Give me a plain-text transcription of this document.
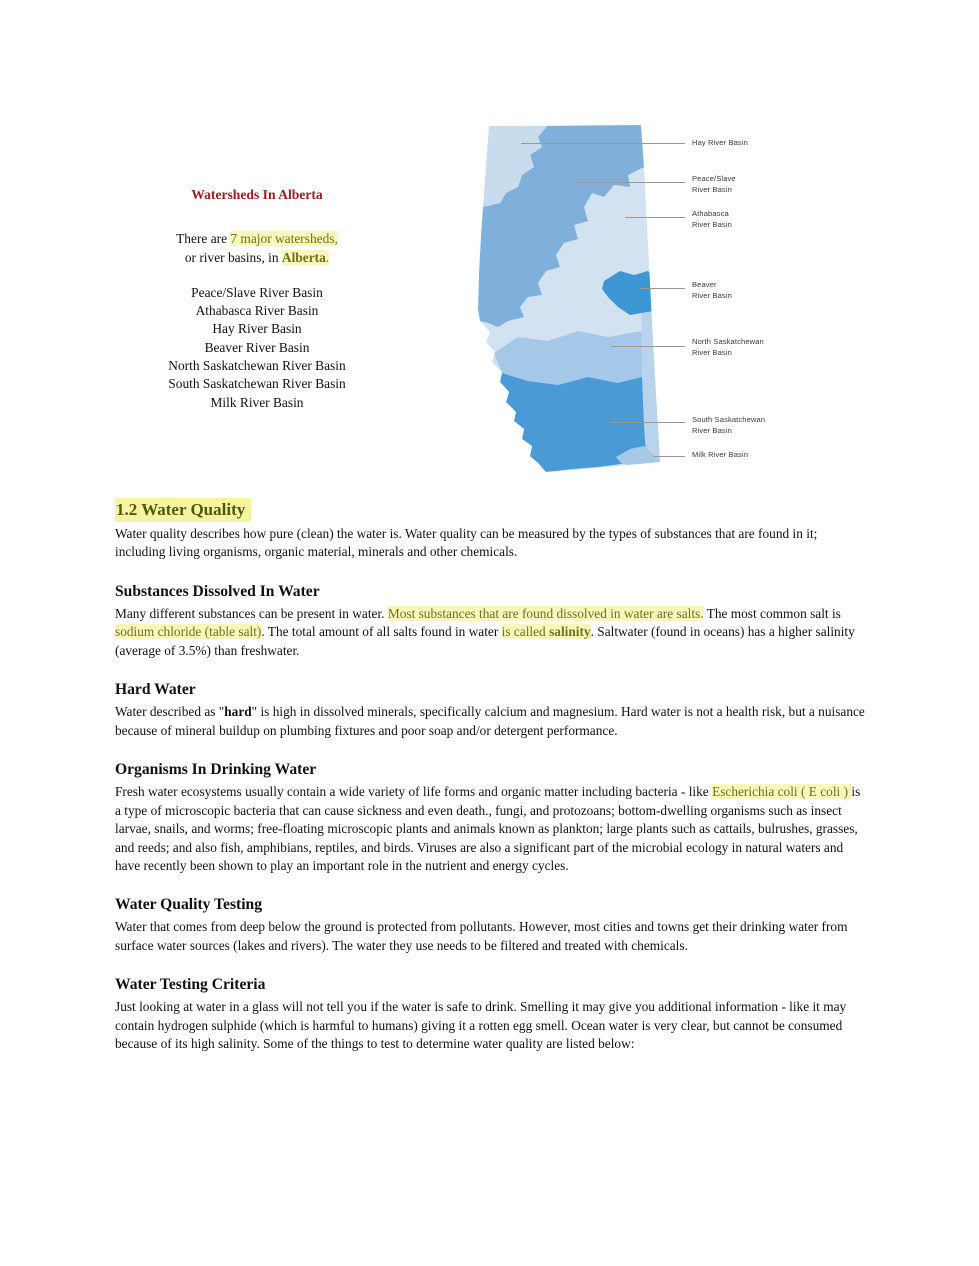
Watersheds In Alberta

There are 7 major watersheds,

or river basins, in Alberta.

Peace/Slave River Basin
Athabasca River Basin
Hay River Basin
Beaver River Basin
North Saskatchewan River Basin
South Saskatchewan River Basin
Milk River Basin
Hay River Basin
Peace/Slave
River Basin
Athabasca
River Basin
Beaver
River Basin
North Saskatchewan
River Basin
South Saskatchewan
River Basin
Milk River Basin
1.2 Water Quality

Water quality describes how pure (clean) the water is. Water quality can be measured by the types of substances that are found in it; including living organisms, organic material, minerals and other chemicals.

Substances Dissolved In Water

Many different substances can be present in water. Most substances that are found dissolved in water are salts. The most common salt is sodium chloride (table salt). The total amount of all salts found in water is called salinity. Saltwater (found in oceans) has a higher salinity (average of 3.5%) than freshwater.

Hard Water

Water described as "hard" is high in dissolved minerals, specifically calcium and magnesium. Hard water is not a health risk, but a nuisance because of mineral buildup on plumbing fixtures and poor soap and/or detergent performance.

Organisms In Drinking Water

Fresh water ecosystems usually contain a wide variety of life forms and organic matter including bacteria - like Escherichia coli ( E coli ) is a type of microscopic bacteria that can cause sickness and even death., fungi, and protozoans; bottom-dwelling organisms such as insect larvae, snails, and worms; free-floating microscopic plants and animals known as plankton; large plants such as cattails, bulrushes, grasses, and reeds; and also fish, amphibians, reptiles, and birds. Viruses are also a significant part of the microbial ecology in natural waters and have recently been shown to play an important role in the nutrient and energy cycles.

Water Quality Testing

Water that comes from deep below the ground is protected from pollutants. However, most cities and towns get their drinking water from surface water sources (lakes and rivers). The water they use needs to be filtered and treated with chemicals.

Water Testing Criteria

Just looking at water in a glass will not tell you if the water is safe to drink. Smelling it may give you additional information - like it may contain hydrogen sulphide (which is harmful to humans) giving it a rotten egg smell. Ocean water is very clear, but cannot be consumed because of its high salinity. Some of the things to test to determine water quality are listed below:
